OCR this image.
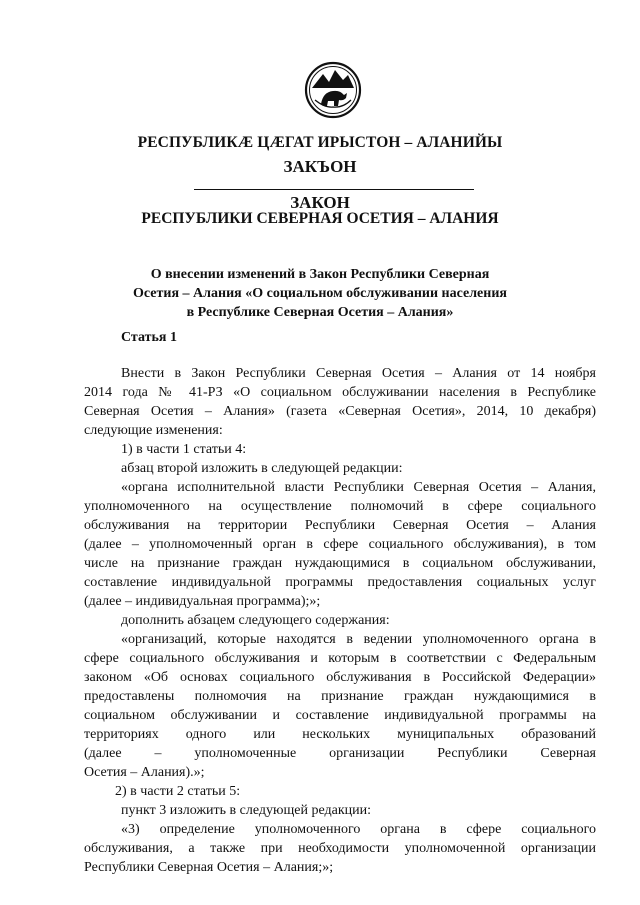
РЕСПУБЛИКÆ ЦÆГАТ ИРЫСТОН – АЛАНИЙЫ
ЗАКЪОН
ЗАКОН
РЕСПУБЛИКИ СЕВЕРНАЯ ОСЕТИЯ – АЛАНИЯ
О внесении изменений в Закон Республики Северная
Осетия – Алания «О социальном обслуживании населения
в Республике Северная Осетия – Алания»
Статья 1
Внести в Закон Республики Северная Осетия – Алания от 14 ноября
2014 года № 41-РЗ «О социальном обслуживании населения в Республике
Северная Осетия – Алания» (газета «Северная Осетия», 2014, 10 декабря)
следующие изменения:
1) в части 1 статьи 4:
абзац второй изложить в следующей редакции:
«органа исполнительной власти Республики Северная Осетия – Алания,
уполномоченного на осуществление полномочий в сфере социального
обслуживания на территории Республики Северная Осетия – Алания
(далее – уполномоченный орган в сфере социального обслуживания), в том
числе на признание граждан нуждающимися в социальном обслуживании,
составление индивидуальной программы предоставления социальных услуг
(далее – индивидуальная программа);»;
дополнить абзацем следующего содержания:
«организаций, которые находятся в ведении уполномоченного органа в
сфере социального обслуживания и которым в соответствии с Федеральным
законом «Об основах социального обслуживания в Российской Федерации»
предоставлены полномочия на признание граждан нуждающимися в
социальном обслуживании и составление индивидуальной программы на
территориях одного или нескольких муниципальных образований
(далее – уполномоченные организации Республики Северная
Осетия – Алания).»;
2) в части 2 статьи 5:
пункт 3 изложить в следующей редакции:
«3) определение уполномоченного органа в сфере социального
обслуживания, а также при необходимости уполномоченной организации
Республики Северная Осетия – Алания;»;
